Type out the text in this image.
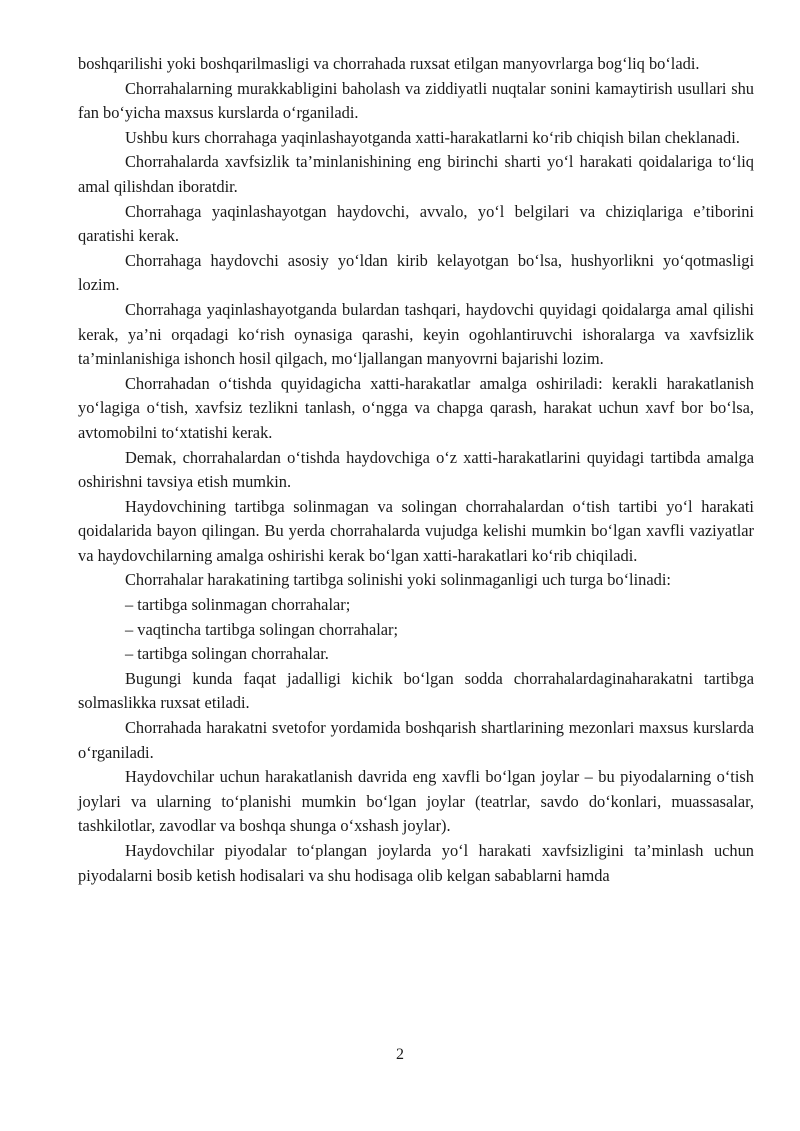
boshqarilishi yoki boshqarilmasligi va chorrahada ruxsat etilgan manyovrlarga bog‘liq bo‘ladi.

Chorrahalarning murakkabligini baholash va ziddiyatli nuqtalar sonini kamaytirish usullari shu fan bo‘yicha maxsus kurslarda o‘rganiladi.

Ushbu kurs chorrahaga yaqinlashayotganda xatti-harakatlarni ko‘rib chiqish bilan cheklanadi.

Chorrahalarda xavfsizlik ta’minlanishining eng birinchi sharti yo‘l harakati qoidalariga to‘liq amal qilishdan iboratdir.

Chorrahaga yaqinlashayotgan haydovchi, avvalo, yo‘l belgilari va chiziqlariga e’tiborini qaratishi kerak.

Chorrahaga haydovchi asosiy yo‘ldan kirib kelayotgan bo‘lsa, hushyorlikni yo‘qotmasligi lozim.

Chorrahaga yaqinlashayotganda bulardan tashqari, haydovchi quyidagi qoidalarga amal qilishi kerak, ya’ni orqadagi ko‘rish oynasiga qarashi, keyin ogohlantiruvchi ishoralarga va xavfsizlik ta’minlanishiga ishonch hosil qilgach, mo‘ljallangan manyovrni bajarishi lozim.

Chorrahadan o‘tishda quyidagicha xatti-harakatlar amalga oshiriladi: kerakli harakatlanish yo‘lagiga o‘tish, xavfsiz tezlikni tanlash, o‘ngga va chapga qarash, harakat uchun xavf bor bo‘lsa, avtomobilni to‘xtatishi kerak.

Demak, chorrahalardan o‘tishda haydovchiga o‘z xatti-harakatlarini quyidagi tartibda amalga oshirishni tavsiya etish mumkin.

Haydovchining tartibga solinmagan va solingan chorrahalardan o‘tish tartibi yo‘l harakati qoidalarida bayon qilingan. Bu yerda chorrahalarda vujudga kelishi mumkin bo‘lgan xavfli vaziyatlar va haydovchilarning amalga oshirishi kerak bo‘lgan xatti-harakatlari ko‘rib chiqiladi.

Chorrahalar harakatining tartibga solinishi yoki solinmaganligi uch turga bo‘linadi:

– tartibga solinmagan chorrahalar;

– vaqtincha tartibga solingan chorrahalar;

– tartibga solingan chorrahalar.

Bugungi kunda faqat jadalligi kichik bo‘lgan sodda chorrahalardaginaharakatni tartibga solmaslikka ruxsat etiladi.

Chorrahada harakatni svetofor yordamida boshqarish shartlarining mezonlari maxsus kurslarda o‘rganiladi.

Haydovchilar uchun harakatlanish davrida eng xavfli bo‘lgan joylar – bu piyodalarning o‘tish joylari va ularning to‘planishi mumkin bo‘lgan joylar (teatrlar, savdo do‘konlari, muassasalar, tashkilotlar, zavodlar va boshqa shunga o‘xshash joylar).

Haydovchilar piyodalar to‘plangan joylarda yo‘l harakati xavfsizligini ta’minlash uchun piyodalarni bosib ketish hodisalari va shu hodisaga olib kelgan sabablarni hamda

2
